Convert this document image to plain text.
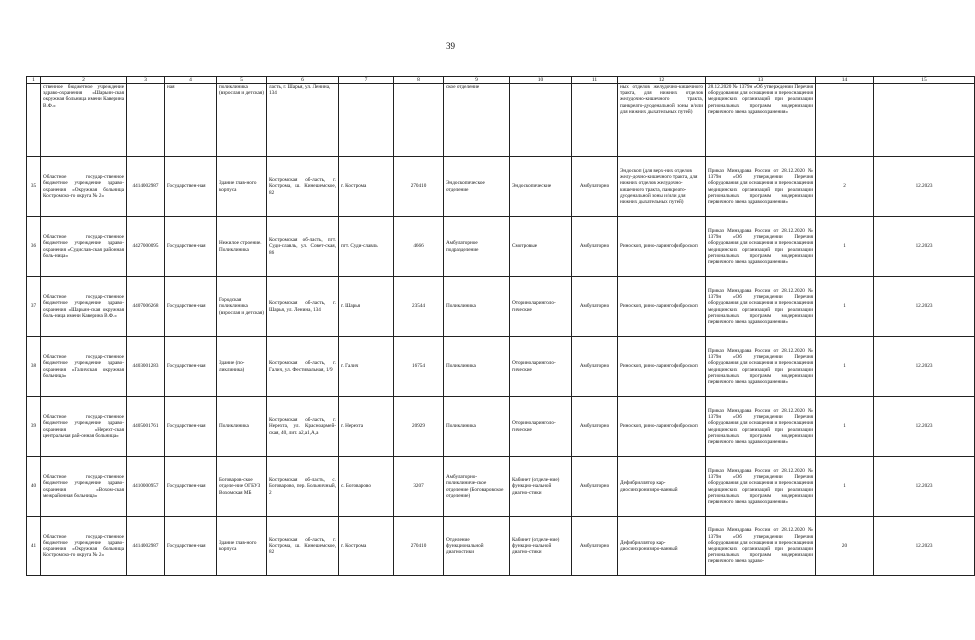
39
1	2	3	4	5	6	7	8	9	10	11	12	13	14	15
	ственное бюджетное учреждение здраво-охранения «Шарьин-ская окружная больница имени Каверина В.Ф.»		ная	поликлиника (взрослая и детская)	ласть, г. Шарья, ул. Ленина, 134			ское отделение			ных отделов желудочно-кишечного тракта, для нижних отделов желудочно-кишечного тракта, панкреато-дуоденальной зоны и/или для нижних дыхательных путей)	28.12.2020 № 1379н «Об утверждении Перечня оборудования для оснащения и переоснащения медицинских организаций при реализации региональных программ модернизации первичного звена здравоохранения»		
35	Областное государ-ственное бюджетное учреждение здраво-охранения «Окружная больница Костромско-го округа № 2»	4414002987	Государствен-ная	Здание глав-ного корпуса	Костромская об-ласть, г. Кострома, ш. Кинешемское, 82	г. Кострома	270410	Эндоскопическое отделение	Эндоскопические	Амбулаторно	Эндоскоп (для верх-них отделов желу-дочно-кишечного тракта, для нижних отделов желудочно-кишечного тракта, панкреато-дуоденальной зоны и/или для нижних дыхательных путей)	Приказ Минздрава России от 28.12.2020 № 1379н «Об утверждении Перечня оборудования для оснащения и переоснащения медицинских организаций при реализации региональных программ модернизации первичного звена здравоохранения»	2	12.2023
36	Областное государ-ственное бюджетное учреждение здраво-охранения «Судислав-ская районная боль-ница»	4427000095	Государствен-ная	Нежилое строение. Поликлиника	Костромская об-ласть, пгт. Суди-славль, ул. Совет-ская, 86	пгт. Суди-славль	4666	Амбулаторное подразделение	Смотровые	Амбулаторно	Риноскоп, рино-ларингофиброскоп	Приказ Минздрава России от 28.12.2020 № 1379н «Об утверждении Перечня оборудования для оснащения и переоснащения медицинских организаций при реализации региональных программ модернизации первичного звена здравоохранения»	1	12.2023
37	Областное государ-ственное бюджетное учреждение здраво-охранения «Шарьин-ская окружная боль-ница имени Каверина В.Ф.»	4407006268	Государствен-ная	Городская поликлиника (взрослая и детская)	Костромская об-ласть, г. Шарья, ул. Ленина, 134	г. Шарья	23544	Поликлиника	Оториноларинголо-гические	Амбулаторно	Риноскоп, рино-ларингофиброскоп	Приказ Минздрава России от 28.12.2020 № 1379н «Об утверждении Перечня оборудования для оснащения и переоснащения медицинских организаций при реализации региональных программ модернизации первичного звена здравоохранения»	1	12.2023
38	Областное государ-ственное бюджетное учреждение здраво-охранения «Галичская окружная больница»	4403001283	Государствен-ная	Здание (по-ликлиника)	Костромская об-ласть, г. Галич, ул. Фестивальная, 1/9	г. Галич	16754	Поликлиника	Оториноларинголо-гические	Амбулаторно	Риноскоп, рино-ларингофиброскоп	Приказ Минздрава России от 28.12.2020 № 1379н «Об утверждении Перечня оборудования для оснащения и переоснащения медицинских организаций при реализации региональных программ модернизации первичного звена здравоохранения»	1	12.2023
39	Областное государ-ственное бюджетное учреждение здраво-охранения «Нерехт-ская центральная рай-онная больница»	4405001761	Государствен-ная	Поликлиника	Костромская об-ласть, г. Нерехта, ул. Красноармей-ская, 40, лит. а2,а1,А,а	г. Нерехта	20929	Поликлиника	Оториноларинголо-гические	Амбулаторно	Риноскоп, рино-ларингофиброскоп	Приказ Минздрава России от 28.12.2020 № 1379н «Об утверждении Перечня оборудования для оснащения и переоснащения медицинских организаций при реализации региональных программ модернизации первичного звена здравоохранения»	1	12.2023
40	Областное государ-ственное бюджетное учреждение здраво-охранения «Вохом-ская межрайонная больница»	4410000957	Государствен-ная	Боговаров-ское отделе-ние ОГБУЗ Вохомская МБ	Костромская об-ласть, с. Боговарово, пер. Больничный, 2	с. Боговарово	3207	Амбулаторно-поликлиниче-ское отделение (Боговаровское отделение)	Кабинет (отделе-ние) функцио-нальной диагно-стики	Амбулаторно	Дефибриллятор кар-диосинхронизиро-ванный	Приказ Минздрава России от 28.12.2020 № 1379н «Об утверждении Перечня оборудования для оснащения и переоснащения медицинских организаций при реализации региональных программ модернизации первичного звена здравоохранения»	1	12.2023
41	Областное государ-ственное бюджетное учреждение здраво-охранения «Окружная больница Костромско-го округа № 2»	4414002987	Государствен-ная	Здание глав-ного корпуса	Костромская об-ласть, г. Кострома, ш. Кинешемское, 82	г. Кострома	270410	Отделение функциональной диагностики	Кабинет (отделе-ние) функцио-нальной диагно-стики	Амбулаторно	Дефибриллятор кар-диосинхронизиро-ванный	Приказ Минздрава России от 28.12.2020 № 1379н «Об утверждении Перечня оборудования для оснащения и переоснащения медицинских организаций при реализации региональных программ модернизации первичного звена здраво-	20	12.2023
